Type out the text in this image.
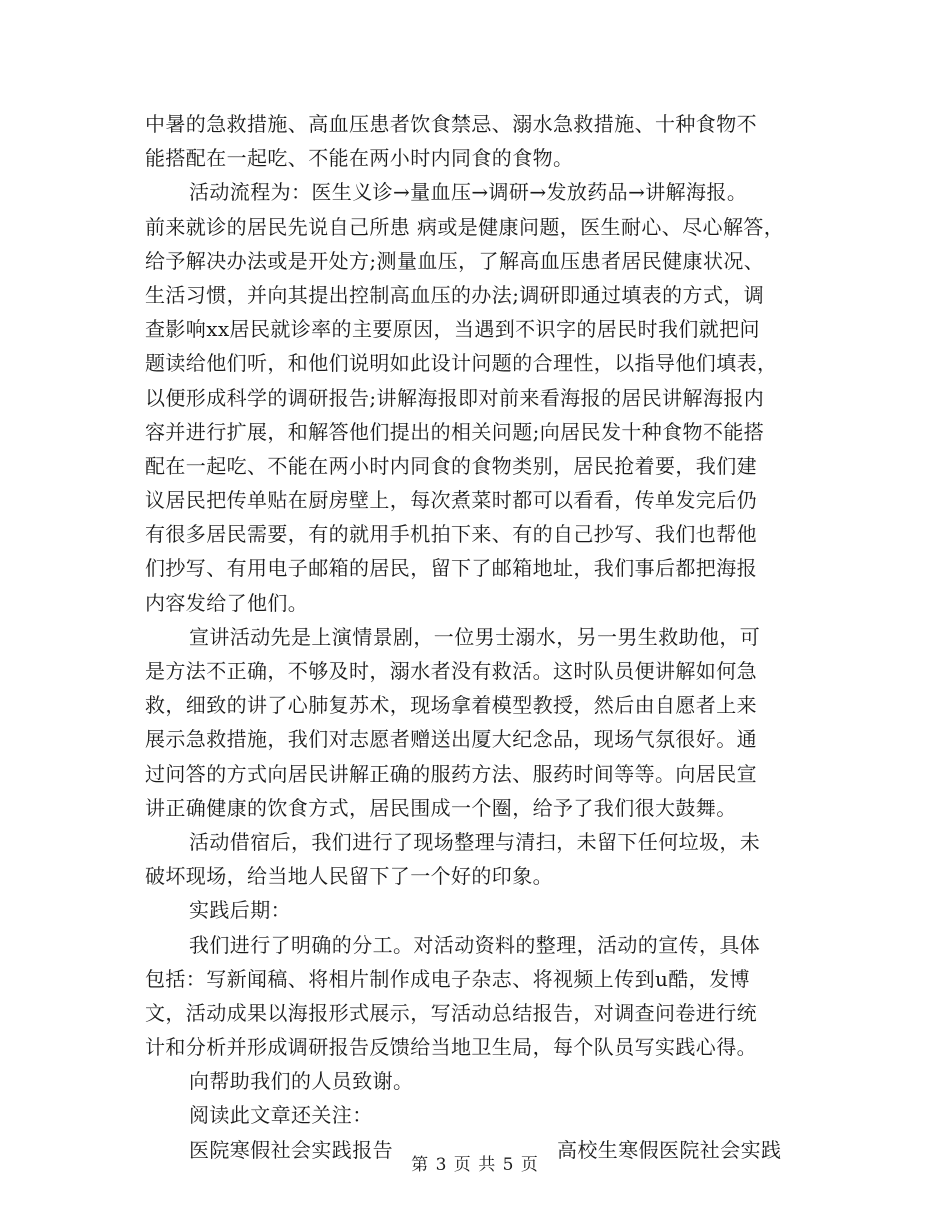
中暑的急救措施、高血压患者饮食禁忌、溺水急救措施、十种食物不
能搭配在一起吃、不能在两小时内同食的食物。
活动流程为：医生义诊→量血压→调研→发放药品→讲解海报。
前来就诊的居民先说自己所患 病或是健康问题，医生耐心、尽心解答，
给予解决办法或是开处方;测量血压，了解高血压患者居民健康状况、
生活习惯，并向其提出控制高血压的办法;调研即通过填表的方式，调
查影响xx居民就诊率的主要原因，当遇到不识字的居民时我们就把问
题读给他们听，和他们说明如此设计问题的合理性，以指导他们填表，
以便形成科学的调研报告;讲解海报即对前来看海报的居民讲解海报内
容并进行扩展，和解答他们提出的相关问题;向居民发十种食物不能搭
配在一起吃、不能在两小时内同食的食物类别，居民抢着要，我们建
议居民把传单贴在厨房壁上，每次煮菜时都可以看看，传单发完后仍
有很多居民需要，有的就用手机拍下来、有的自己抄写、我们也帮他
们抄写、有用电子邮箱的居民，留下了邮箱地址，我们事后都把海报
内容发给了他们。
宣讲活动先是上演情景剧，一位男士溺水，另一男生救助他，可
是方法不正确，不够及时，溺水者没有救活。这时队员便讲解如何急
救，细致的讲了心肺复苏术，现场拿着模型教授，然后由自愿者上来
展示急救措施，我们对志愿者赠送出厦大纪念品，现场气氛很好。通
过问答的方式向居民讲解正确的服药方法、服药时间等等。向居民宣
讲正确健康的饮食方式，居民围成一个圈，给予了我们很大鼓舞。
活动借宿后，我们进行了现场整理与清扫，未留下任何垃圾，未
破坏现场，给当地人民留下了一个好的印象。
实践后期：
我们进行了明确的分工。对活动资料的整理，活动的宣传，具体
包括：写新闻稿、将相片制作成电子杂志、将视频上传到u酷，发博
文，活动成果以海报形式展示，写活动总结报告，对调查问卷进行统
计和分析并形成调研报告反馈给当地卫生局，每个队员写实践心得。
向帮助我们的人员致谢。
阅读此文章还关注：
医院寒假社会实践报告	高校生寒假医院社会实践
第 3 页 共 5 页
